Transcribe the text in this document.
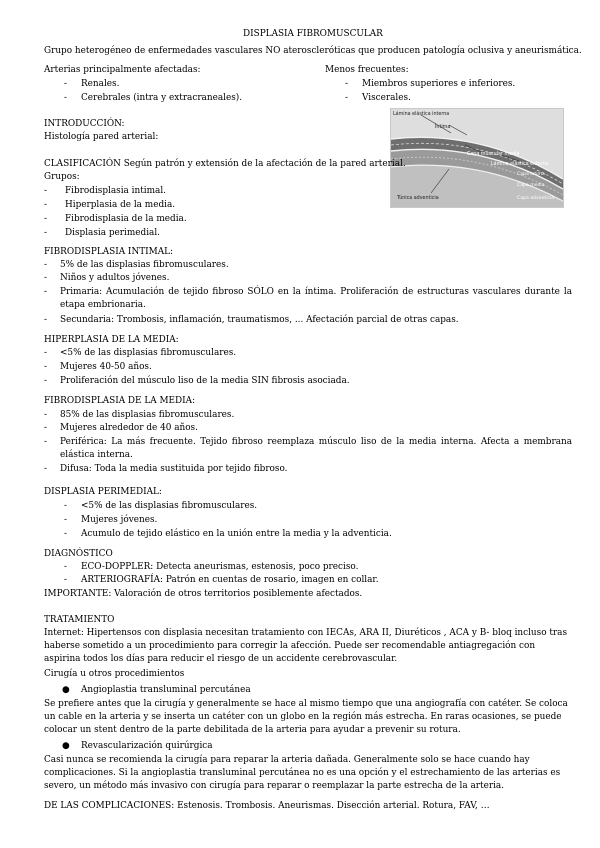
DISPLASIA FIBROMUSCULAR
Grupo heterogéneo de enfermedades vasculares NO ateroscleróticas que producen patología oclusiva y aneurismática.
Arterias principalmente afectadas:
- Renales.
- Cerebrales (intra y extracraneales).
Menos frecuentes:
- Miembros superiores e inferiores.
- Viscerales.
INTRODUCCIÓN:
Histología pared arterial:
Lámina elástica interna
Íntima
Capa muscular media
Lámina elástica externa
Túnica adventicia
Capa íntima
Capa media
Capa adventicia
CLASIFICACIÓN Según patrón y extensión de la afectación de la pared arterial.
Grupos:
- Fibrodisplasia intimal.
- Hiperplasia de la media.
- Fibrodisplasia de la media.
- Displasia perimedial.
FIBRODISPLASIA INTIMAL:
- 5% de las displasias fibromusculares.
- Niños y adultos jóvenes.
- Primaria: Acumulación de tejido fibroso SÓLO en la íntima. Proliferación de estructuras vasculares durante la etapa embrionaria.
- Secundaria: Trombosis, inflamación, traumatismos, ... Afectación parcial de otras capas.
HIPERPLASIA DE LA MEDIA:
- <5% de las displasias fibromusculares.
- Mujeres 40-50 años.
- Proliferación del músculo liso de la media SIN fibrosis asociada.
FIBRODISPLASIA DE LA MEDIA:
- 85% de las displasias fibromusculares.
- Mujeres alrededor de 40 años.
- Periférica: La más frecuente. Tejido fibroso reemplaza músculo liso de la media interna. Afecta a membrana elástica interna.
- Difusa: Toda la media sustituida por tejido fibroso.
DISPLASIA PERIMEDIAL:
- <5% de las displasias fibromusculares.
- Mujeres jóvenes.
- Acumulo de tejido elástico en la unión entre la media y la adventicia.
DIAGNÓSTICO
- ECO-DOPPLER: Detecta aneurismas, estenosis, poco preciso.
- ARTERIOGRAFÍA: Patrón en cuentas de rosario, imagen en collar.
IMPORTANTE: Valoración de otros territorios posiblemente afectados.
TRATAMIENTO
Internet: Hipertensos con displasia necesitan tratamiento con IECAs, ARA II, Diuréticos , ACA y B- bloq incluso tras haberse sometido a un procedimiento para corregir la afección. Puede ser recomendable antiagregación con aspirina todos los días para reducir el riesgo de un accidente cerebrovascular.
Cirugía u otros procedimientos
● Angioplastia transluminal percutánea
Se prefiere antes que la cirugía y generalmente se hace al mismo tiempo que una angiografía con catéter. Se coloca un cable en la arteria y se inserta un catéter con un globo en la región más estrecha. En raras ocasiones, se puede colocar un stent dentro de la parte debilitada de la arteria para ayudar a prevenir su rotura.
● Revascularización quirúrgica
Casi nunca se recomienda la cirugía para reparar la arteria dañada. Generalmente solo se hace cuando hay complicaciones. Si la angioplastia transluminal percutánea no es una opción y el estrechamiento de las arterias es severo, un método más invasivo con cirugía para reparar o reemplazar la parte estrecha de la arteria.
DE LAS COMPLICACIONES: Estenosis. Trombosis. Aneurismas. Disección arterial. Rotura, FAV, …
